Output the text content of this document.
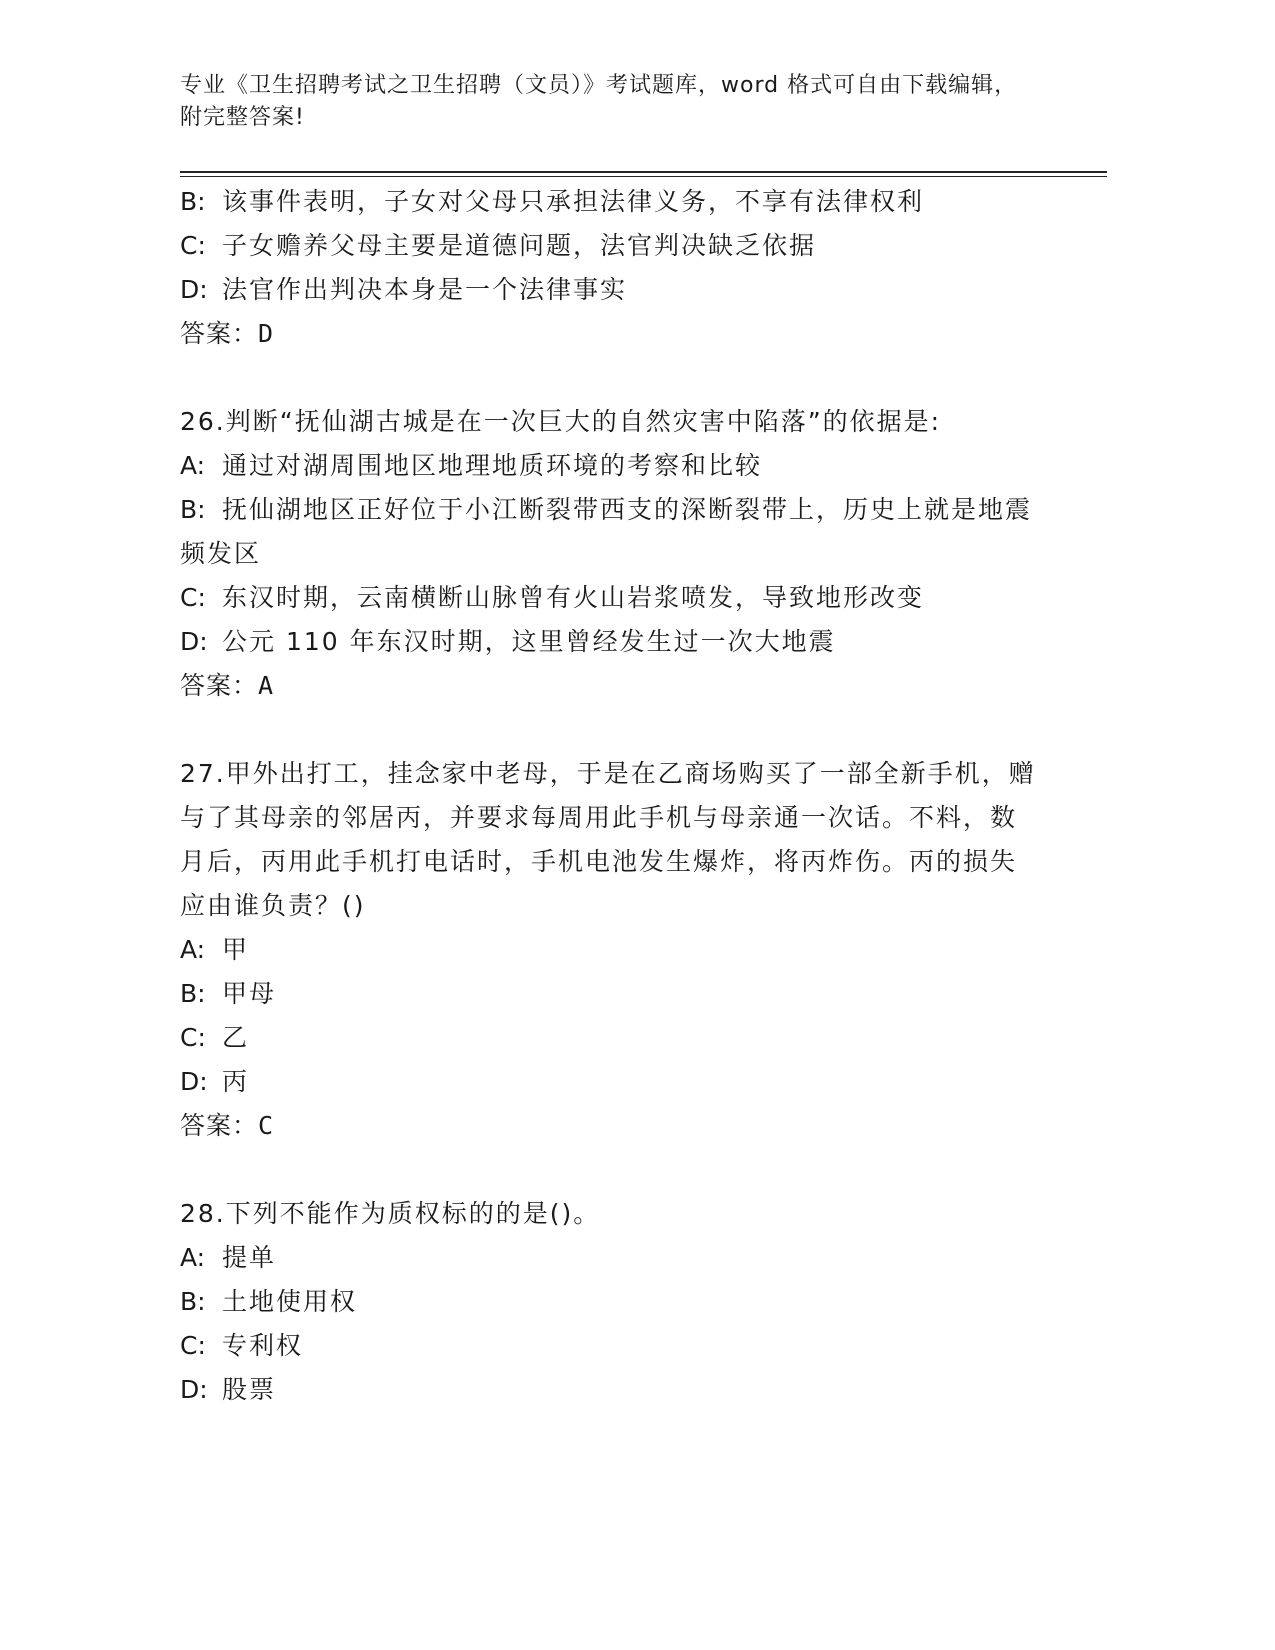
专业《卫生招聘考试之卫生招聘（文员）》考试题库，word 格式可自由下载编辑，附完整答案!

B: 该事件表明，子女对父母只承担法律义务，不享有法律权利

C: 子女赡养父母主要是道德问题，法官判决缺乏依据

D: 法官作出判决本身是一个法律事实

答案：D

26.判断“抚仙湖古城是在一次巨大的自然灾害中陷落”的依据是:

A: 通过对湖周围地区地理地质环境的考察和比较

B: 抚仙湖地区正好位于小江断裂带西支的深断裂带上，历史上就是地震频发区

C: 东汉时期，云南横断山脉曾有火山岩浆喷发，导致地形改变

D: 公元 110 年东汉时期，这里曾经发生过一次大地震

答案：A

27.甲外出打工，挂念家中老母，于是在乙商场购买了一部全新手机，赠与了其母亲的邻居丙，并要求每周用此手机与母亲通一次话。不料，数月后，丙用此手机打电话时，手机电池发生爆炸，将丙炸伤。丙的损失应由谁负责？()

A: 甲

B: 甲母

C: 乙

D: 丙

答案：C

28.下列不能作为质权标的的是()。

A: 提单

B: 土地使用权

C: 专利权

D: 股票
